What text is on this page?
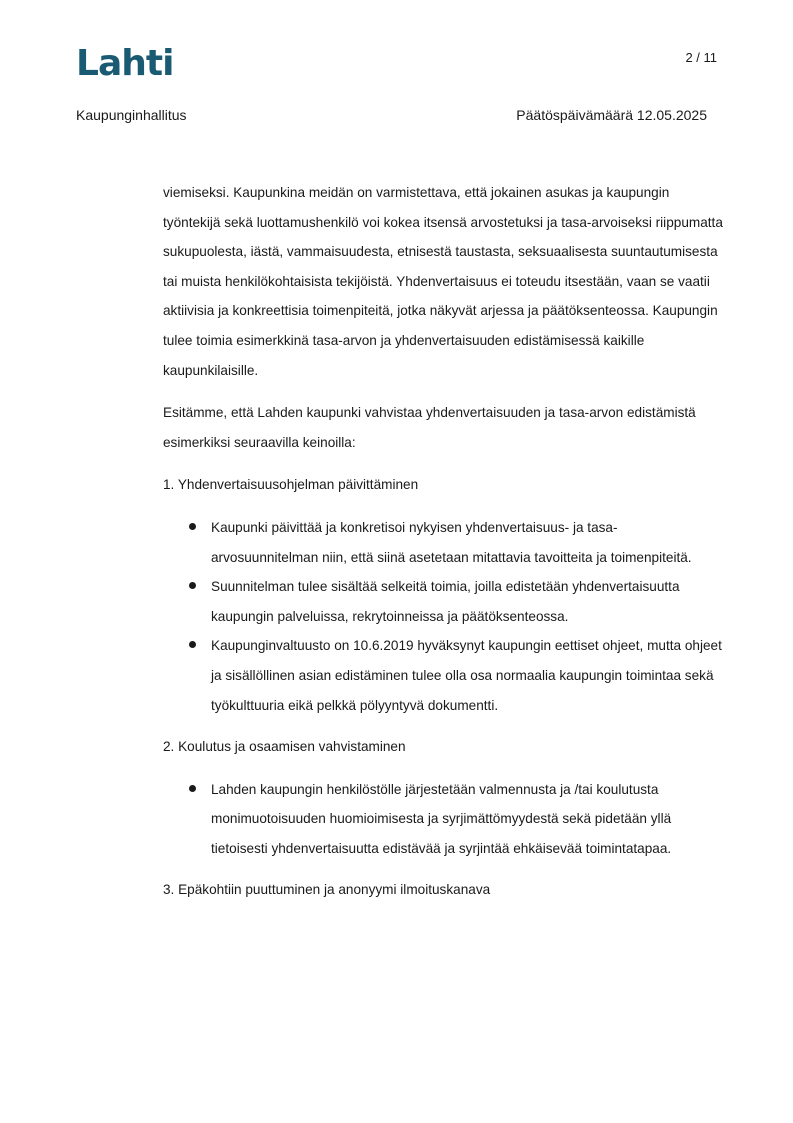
Lahti	2 / 11
Kaupunginhallitus	Päätöspäivämäärä 12.05.2025

viemiseksi. Kaupunkina meidän on varmistettava, että jokainen asukas ja kaupungin työntekijä sekä luottamushenkilö voi kokea itsensä arvostetuksi ja tasa-arvoiseksi riippumatta sukupuolesta, iästä, vammaisuudesta, etnisestä taustasta, seksuaalisesta suuntautumisesta tai muista henkilökohtaisista tekijöistä. Yhdenvertaisuus ei toteudu itsestään, vaan se vaatii aktiivisia ja konkreettisia toimenpiteitä, jotka näkyvät arjessa ja päätöksenteossa. Kaupungin tulee toimia esimerkkinä tasa-arvon ja yhdenvertaisuuden edistämisessä kaikille kaupunkilaisille.

Esitämme, että Lahden kaupunki vahvistaa yhdenvertaisuuden ja tasa-arvon edistämistä esimerkiksi seuraavilla keinoilla:

1. Yhdenvertaisuusohjelman päivittäminen
Kaupunki päivittää ja konkretisoi nykyisen yhdenvertaisuus- ja tasa-arvosuunnitelman niin, että siinä asetetaan mitattavia tavoitteita ja toimenpiteitä.
Suunnitelman tulee sisältää selkeitä toimia, joilla edistetään yhdenvertaisuutta kaupungin palveluissa, rekrytoinneissa ja päätöksenteossa.
Kaupunginvaltuusto on 10.6.2019 hyväksynyt kaupungin eettiset ohjeet, mutta ohjeet ja sisällöllinen asian edistäminen tulee olla osa normaalia kaupungin toimintaa sekä työkulttuuria eikä pelkkä pölyyntyvä dokumentti.
2. Koulutus ja osaamisen vahvistaminen
Lahden kaupungin henkilöstölle järjestetään valmennusta ja /tai koulutusta monimuotoisuuden huomioimisesta ja syrjimättömyydestä sekä pidetään yllä tietoisesti yhdenvertaisuutta edistävää ja syrjintää ehkäisevää toimintatapaa.
3. Epäkohtiin puuttuminen ja anonyymi ilmoituskanava
